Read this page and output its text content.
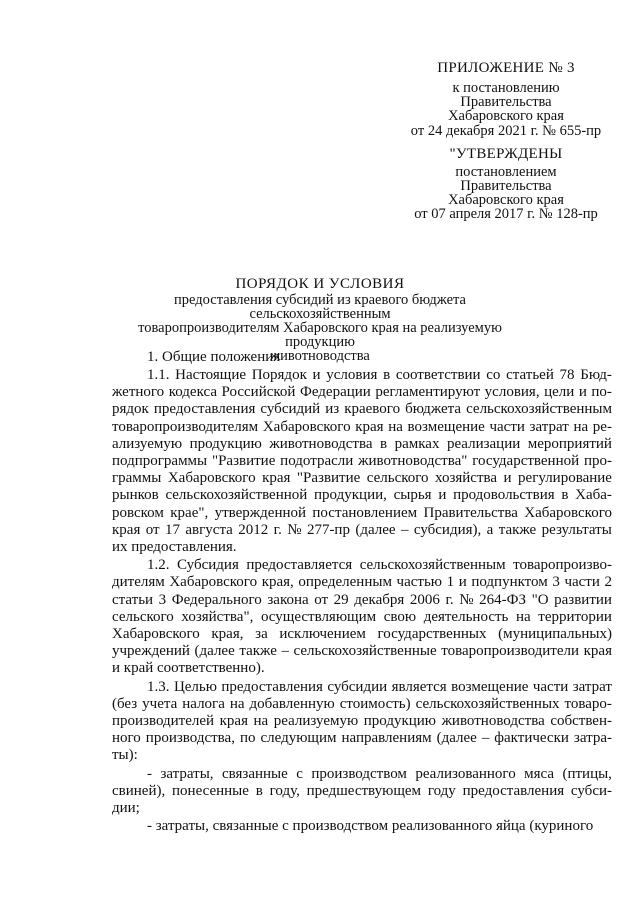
ПРИЛОЖЕНИЕ № 3
к постановлению
Правительства
Хабаровского края
от 24 декабря 2021 г. № 655-пр
"УТВЕРЖДЕНЫ
постановлением
Правительства
Хабаровского края
от 07 апреля 2017 г. № 128-пр
ПОРЯДОК И УСЛОВИЯ
предоставления субсидий из краевого бюджета сельскохозяйственным
товаропроизводителям Хабаровского края на реализуемую продукцию
животноводства
1. Общие положения
1.1. Настоящие Порядок и условия в соответствии со статьей 78 Бюд-
жетного кодекса Российской Федерации регламентируют условия, цели и по-
рядок предоставления субсидий из краевого бюджета сельскохозяйственным
товаропроизводителям Хабаровского края на возмещение части затрат на ре-
ализуемую продукцию животноводства в рамках реализации мероприятий
подпрограммы "Развитие подотрасли животноводства" государственной про-
граммы Хабаровского края "Развитие сельского хозяйства и регулирование
рынков сельскохозяйственной продукции, сырья и продовольствия в Хаба-
ровском крае", утвержденной постановлением Правительства Хабаровского
края от 17 августа 2012 г. № 277-пр (далее – субсидия), а также результаты
их предоставления.
1.2. Субсидия предоставляется сельскохозяйственным товаропроизво-
дителям Хабаровского края, определенным частью 1 и подпунктом 3 части 2
статьи 3 Федерального закона от 29 декабря 2006 г. № 264-ФЗ "О развитии
сельского хозяйства", осуществляющим свою деятельность на территории
Хабаровского края, за исключением государственных (муниципальных)
учреждений (далее также – сельскохозяйственные товаропроизводители края
и край соответственно).
1.3. Целью предоставления субсидии является возмещение части затрат
(без учета налога на добавленную стоимость) сельскохозяйственных товаро-
производителей края на реализуемую продукцию животноводства собствен-
ного производства, по следующим направлениям (далее – фактически затра-
ты):
- затраты, связанные с производством реализованного мяса (птицы,
свиней), понесенные в году, предшествующем году предоставления субси-
дии;
- затраты, связанные с производством реализованного яйца (куриного
